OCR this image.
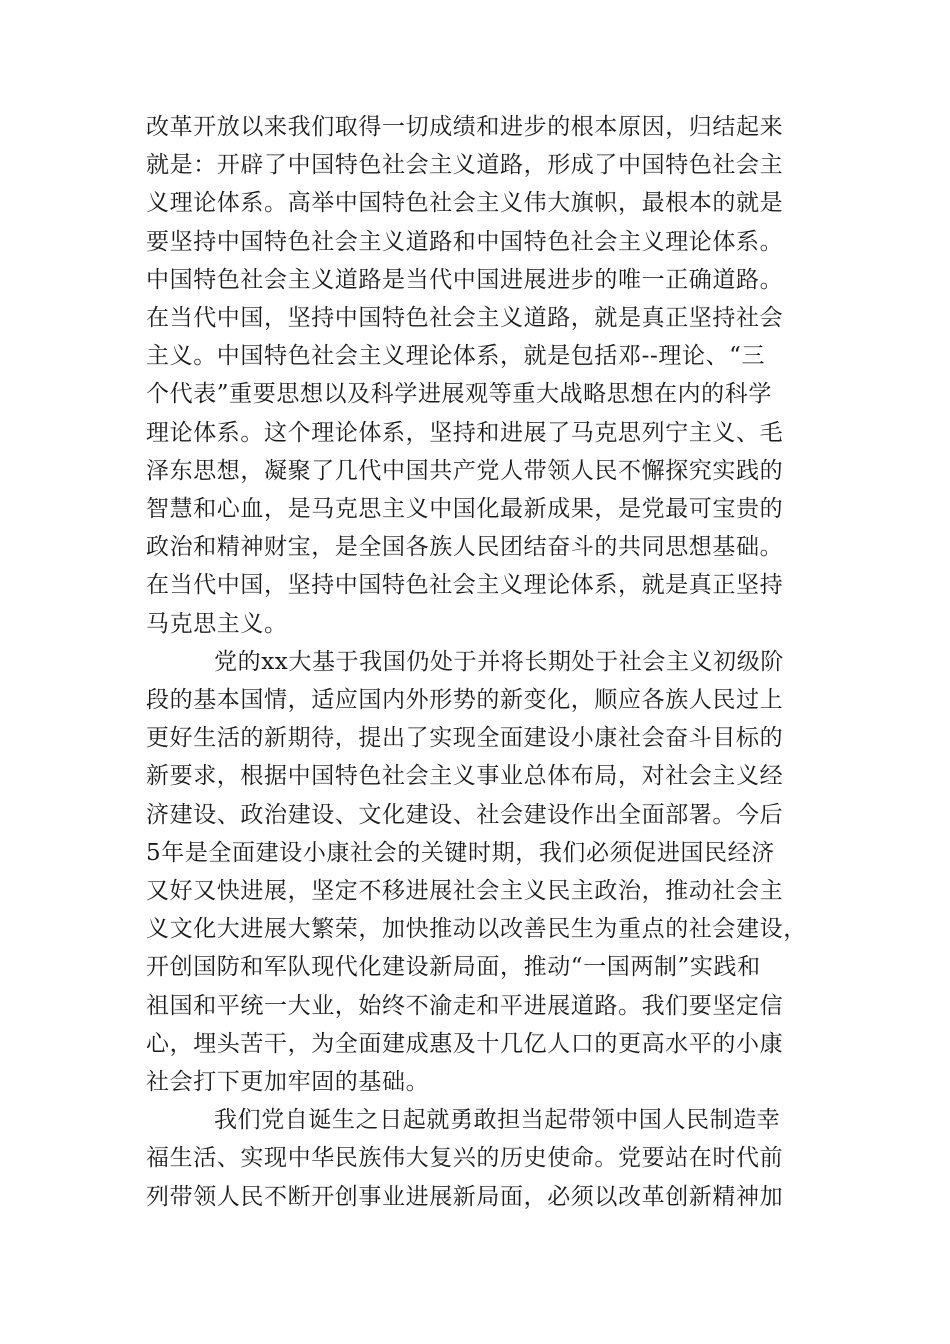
改革开放以来我们取得一切成绩和进步的根本原因，归结起来
就是：开辟了中国特色社会主义道路，形成了中国特色社会主
义理论体系。高举中国特色社会主义伟大旗帜，最根本的就是
要坚持中国特色社会主义道路和中国特色社会主义理论体系。
中国特色社会主义道路是当代中国进展进步的唯一正确道路。
在当代中国，坚持中国特色社会主义道路，就是真正坚持社会
主义。中国特色社会主义理论体系，就是包括邓--理论、“三
个代表”重要思想以及科学进展观等重大战略思想在内的科学
理论体系。这个理论体系，坚持和进展了马克思列宁主义、毛
泽东思想，凝聚了几代中国共产党人带领人民不懈探究实践的
智慧和心血，是马克思主义中国化最新成果，是党最可宝贵的
政治和精神财宝，是全国各族人民团结奋斗的共同思想基础。
在当代中国，坚持中国特色社会主义理论体系，就是真正坚持
马克思主义。
党的xx大基于我国仍处于并将长期处于社会主义初级阶
段的基本国情，适应国内外形势的新变化，顺应各族人民过上
更好生活的新期待，提出了实现全面建设小康社会奋斗目标的
新要求，根据中国特色社会主义事业总体布局，对社会主义经
济建设、政治建设、文化建设、社会建设作出全面部署。今后
5年是全面建设小康社会的关键时期，我们必须促进国民经济
又好又快进展，坚定不移进展社会主义民主政治，推动社会主
义文化大进展大繁荣，加快推动以改善民生为重点的社会建设，
开创国防和军队现代化建设新局面，推动“一国两制”实践和
祖国和平统一大业，始终不渝走和平进展道路。我们要坚定信
心，埋头苦干，为全面建成惠及十几亿人口的更高水平的小康
社会打下更加牢固的基础。
我们党自诞生之日起就勇敢担当起带领中国人民制造幸
福生活、实现中华民族伟大复兴的历史使命。党要站在时代前
列带领人民不断开创事业进展新局面，必须以改革创新精神加
